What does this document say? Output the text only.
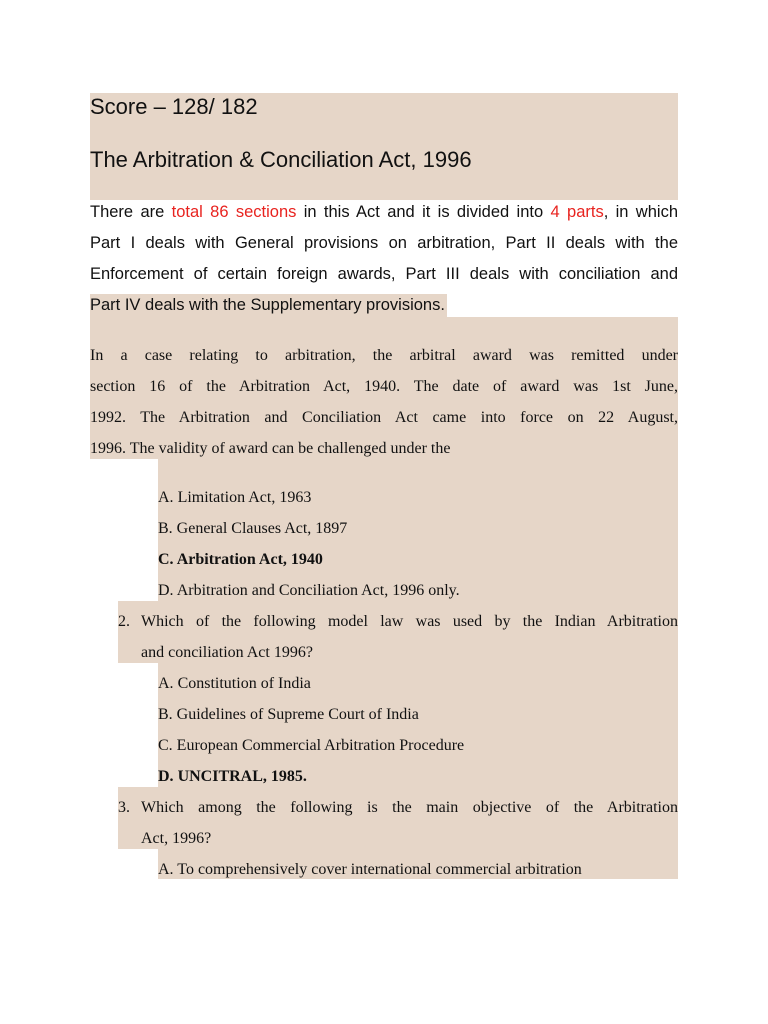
Score – 128/ 182
The Arbitration & Conciliation Act, 1996
There are total 86 sections in this Act and it is divided into 4 parts, in which
Part I deals with General provisions on arbitration, Part II deals with the
Enforcement of certain foreign awards, Part III deals with conciliation and
Part IV deals with the Supplementary provisions.
In a case relating to arbitration, the arbitral award was remitted under
section 16 of the Arbitration Act, 1940. The date of award was 1st June,
1992. The Arbitration and Conciliation Act came into force on 22 August,
1996. The validity of award can be challenged under the
A. Limitation Act, 1963
B. General Clauses Act, 1897
C. Arbitration Act, 1940
D. Arbitration and Conciliation Act, 1996 only.
2. Which of the following model law was used by the Indian Arbitration
and conciliation Act 1996?
A. Constitution of India
B. Guidelines of Supreme Court of India
C. European Commercial Arbitration Procedure
D. UNCITRAL, 1985.
3. Which among the following is the main objective of the Arbitration
Act, 1996?
A. To comprehensively cover international commercial arbitration
